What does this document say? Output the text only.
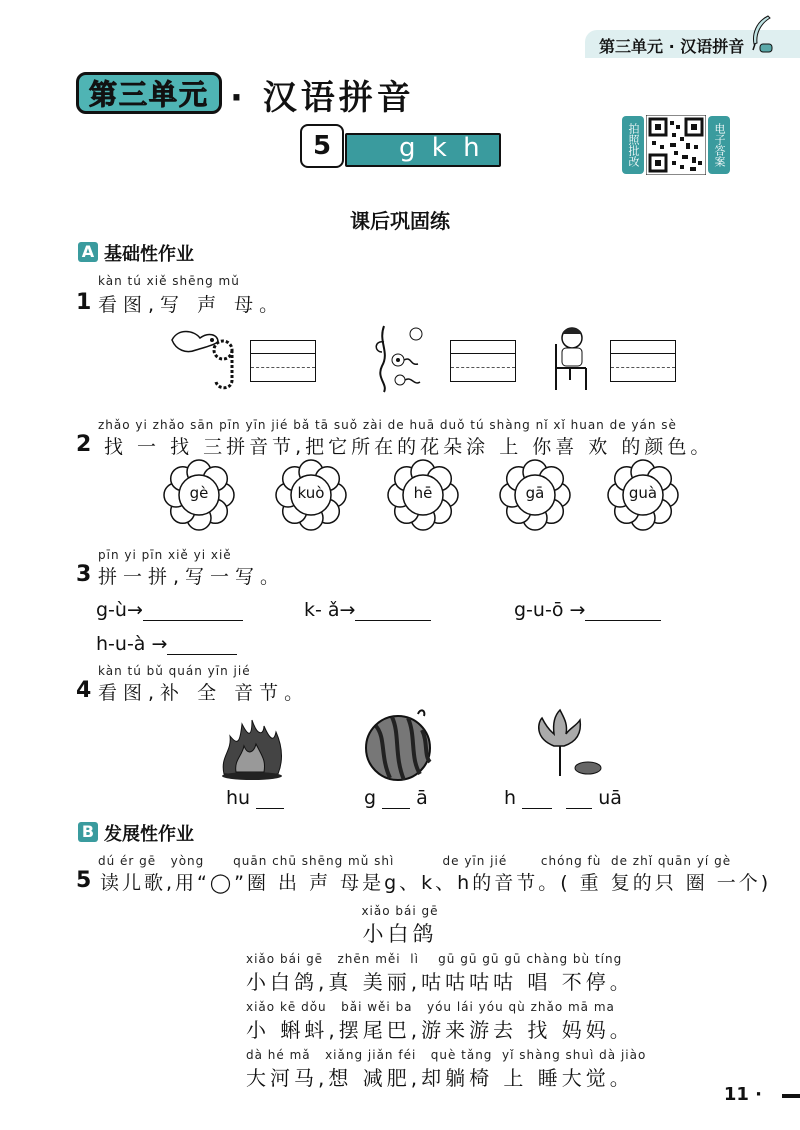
第三单元 · 汉语拼音
第三单元 · 汉语拼音
5	g k h	拍照批改	电子答案
课后巩固练
A 基础性作业
kàn tú xiě shēng mǔ
1 看图,写 声 母。
zhǎo yi zhǎo sān pīn yīn jié bǎ tā suǒ zài de huā duǒ tú shàng nǐ xǐ huan de yán sè
2 找 一 找 三拼音节,把它所在的花朵涂 上 你喜 欢 的颜色。
gè	kuò	hē	gā	guà
pīn yi pīn xiě yi xiě
3 拼一拼,写一写。
g-ù→	k- ǎ→	g-u-ō →
h-u-à →
kàn tú bǔ quán yīn jié
4 看图,补 全 音节。
hu	g ā	h	uā
B 发展性作业
dú ér gē   yòng      quān chū shēng mǔ shì          de yīn jié       chóng fù  de zhǐ quān yí gè
5 读儿歌,用“◯”圈 出 声 母是g、k、h的音节。( 重 复的只 圈 一个)
xiǎo bái gē
小白鸽
xiǎo bái gē   zhēn měi  lì    gū gū gū gū chàng bù tíng
小白鸽,真 美丽,咕咕咕咕 唱 不停。
xiǎo kē dǒu   bǎi wěi ba   yóu lái yóu qù zhǎo mā ma
小 蝌蚪,摆尾巴,游来游去 找 妈妈。
dà hé mǎ   xiǎng jiǎn féi   què tǎng  yǐ shàng shuì dà jiào
大河马,想 减肥,却躺椅 上 睡大觉。
11 ·
